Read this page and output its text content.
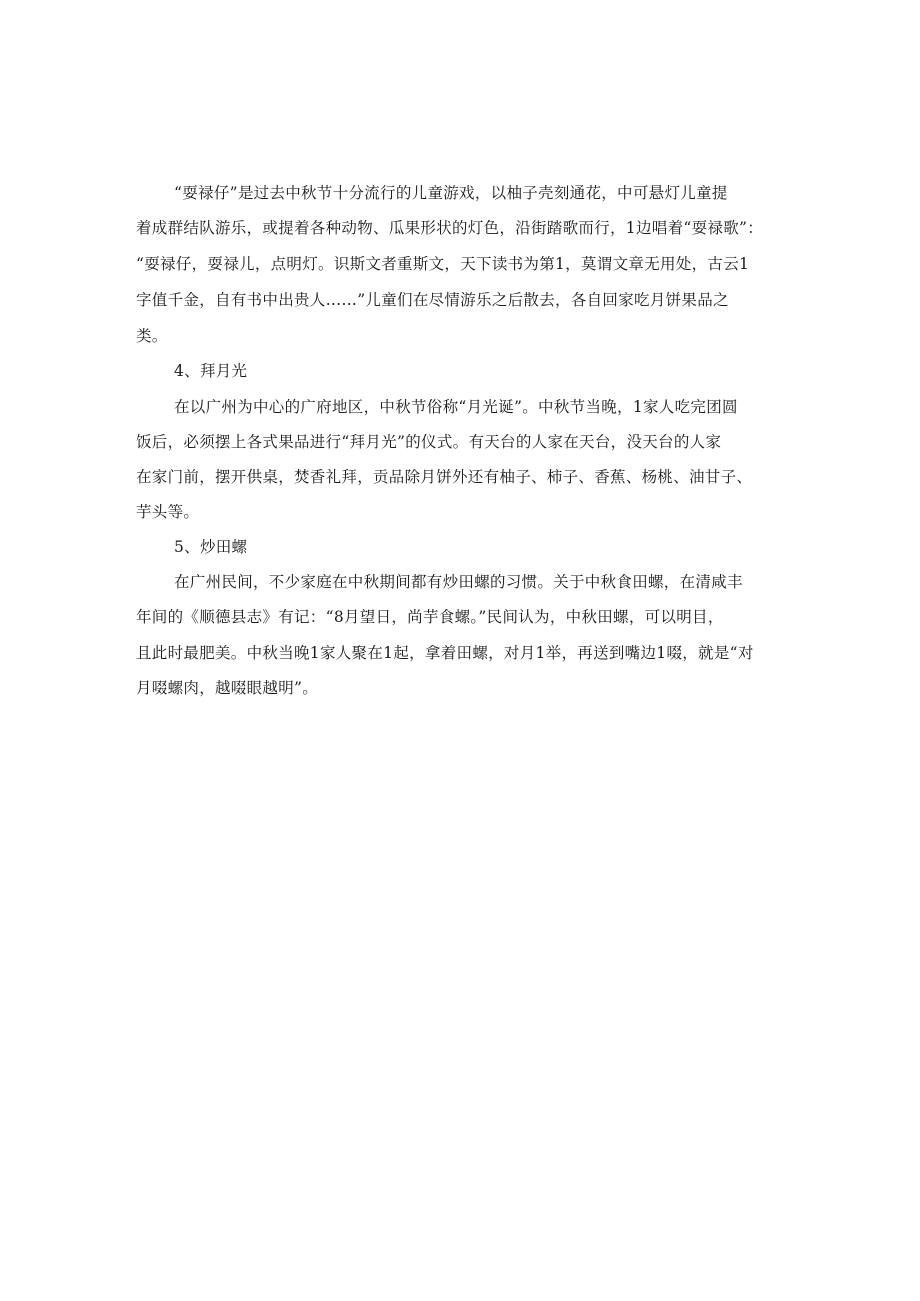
“耍禄仔”是过去中秋节十分流行的儿童游戏，以柚子壳刻通花，中可悬灯儿童提
着成群结队游乐，或提着各种动物、瓜果形状的灯色，沿街踏歌而行，1边唱着“耍禄歌”：
“耍禄仔，耍禄儿，点明灯。识斯文者重斯文，天下读书为第1，莫谓文章无用处，古云1
字值千金，自有书中出贵人……”儿童们在尽情游乐之后散去，各自回家吃月饼果品之
类。
4、拜月光
在以广州为中心的广府地区，中秋节俗称“月光诞”。中秋节当晚，1家人吃完团圆
饭后，必须摆上各式果品进行“拜月光”的仪式。有天台的人家在天台，没天台的人家
在家门前，摆开供桌，焚香礼拜，贡品除月饼外还有柚子、柿子、香蕉、杨桃、油甘子、
芋头等。
5、炒田螺
在广州民间，不少家庭在中秋期间都有炒田螺的习惯。关于中秋食田螺，在清咸丰
年间的《顺德县志》有记：“8月望日，尚芋食螺。”民间认为，中秋田螺，可以明目，
且此时最肥美。中秋当晚1家人聚在1起，拿着田螺，对月1举，再送到嘴边1啜，就是“对
月啜螺肉，越啜眼越明”。
